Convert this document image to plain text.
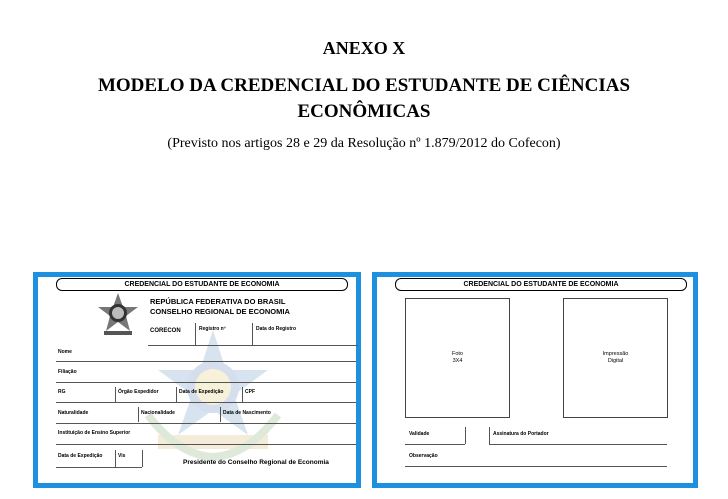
ANEXO X
MODELO DA CREDENCIAL DO ESTUDANTE DE CIÊNCIAS
ECONÔMICAS
(Previsto nos artigos 28 e 29 da Resolução nº 1.879/2012 do Cofecon)
CREDENCIAL DO ESTUDANTE DE ECONOMIA
REPÚBLICA FEDERATIVA DO BRASIL
CONSELHO REGIONAL DE ECONOMIA
CORECON	Registro nº	Data do Registro
Nome
Filiação
RG	Órgão Expedidor	Data de Expedição	CPF
Naturalidade	Nacionalidade	Data de Nascimento
Instituição de Ensino Superior
Data de Expedição	Vis
Presidente do Conselho Regional de Economia
CREDENCIAL DO ESTUDANTE DE ECONOMIA
Foto
3X4
Impressão
Digital
Validade	Assinatura do Portador
Observação
